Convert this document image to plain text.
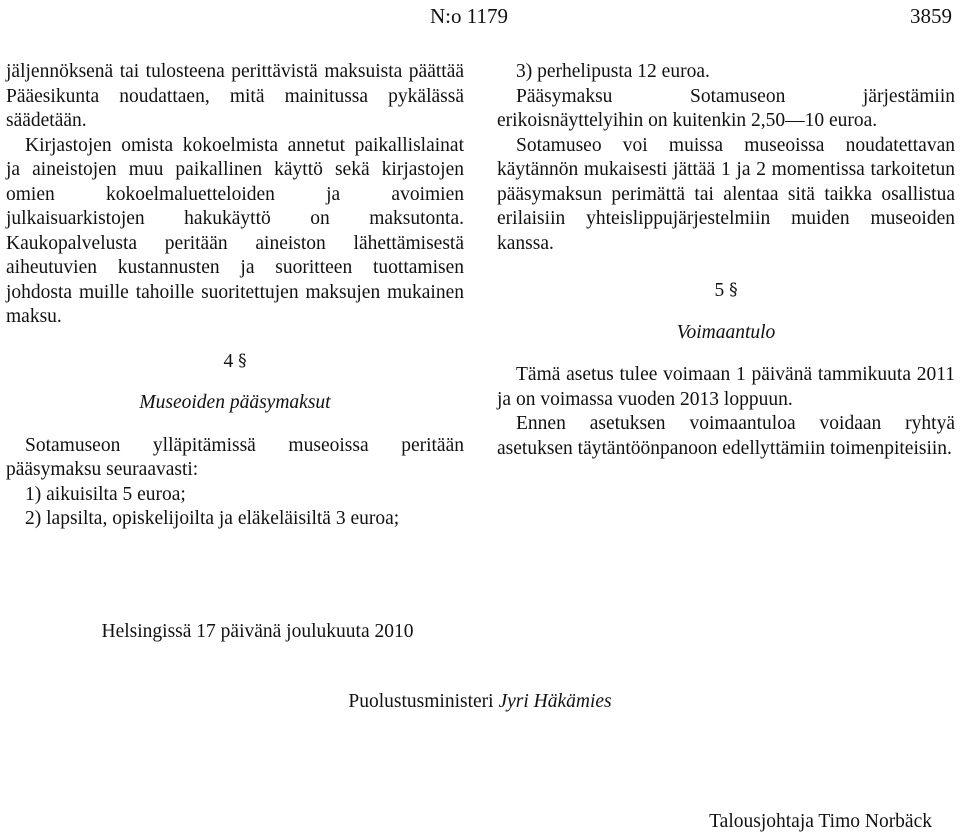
N:o 1179	3859

jäljennöksenä tai tulosteena perittävistä maksuista päättää Pääesikunta noudattaen, mitä mainitussa pykälässä säädetään.

Kirjastojen omista kokoelmista annetut paikallislainat ja aineistojen muu paikallinen käyttö sekä kirjastojen omien kokoelmaluetteloiden ja avoimien julkaisuarkistojen hakukäyttö on maksutonta. Kaukopalvelusta peritään aineiston lähettämisestä aiheutuvien kustannusten ja suoritteen tuottamisen johdosta muille tahoille suoritettujen maksujen mukainen maksu.

4 §
Museoiden pääsymaksut

Sotamuseon ylläpitämissä museoissa peritään pääsymaksu seuraavasti:

1) aikuisilta 5 euroa;

2) lapsilta, opiskelijoilta ja eläkeläisiltä 3 euroa;

3) perhelipusta 12 euroa.

Pääsymaksu Sotamuseon järjestämiin erikoisnäyttelyihin on kuitenkin 2,50—10 euroa.

Sotamuseo voi muissa museoissa noudatettavan käytännön mukaisesti jättää 1 ja 2 momentissa tarkoitetun pääsymaksun perimättä tai alentaa sitä taikka osallistua erilaisiin yhteislippujärjestelmiin muiden museoiden kanssa.

5 §
Voimaantulo

Tämä asetus tulee voimaan 1 päivänä tammikuuta 2011 ja on voimassa vuoden 2013 loppuun.

Ennen asetuksen voimaantuloa voidaan ryhtyä asetuksen täytäntöönpanoon edellyttämiin toimenpiteisiin.

Helsingissä 17 päivänä joulukuuta 2010
Puolustusministeri Jyri Häkämies
Talousjohtaja Timo Norbäck
